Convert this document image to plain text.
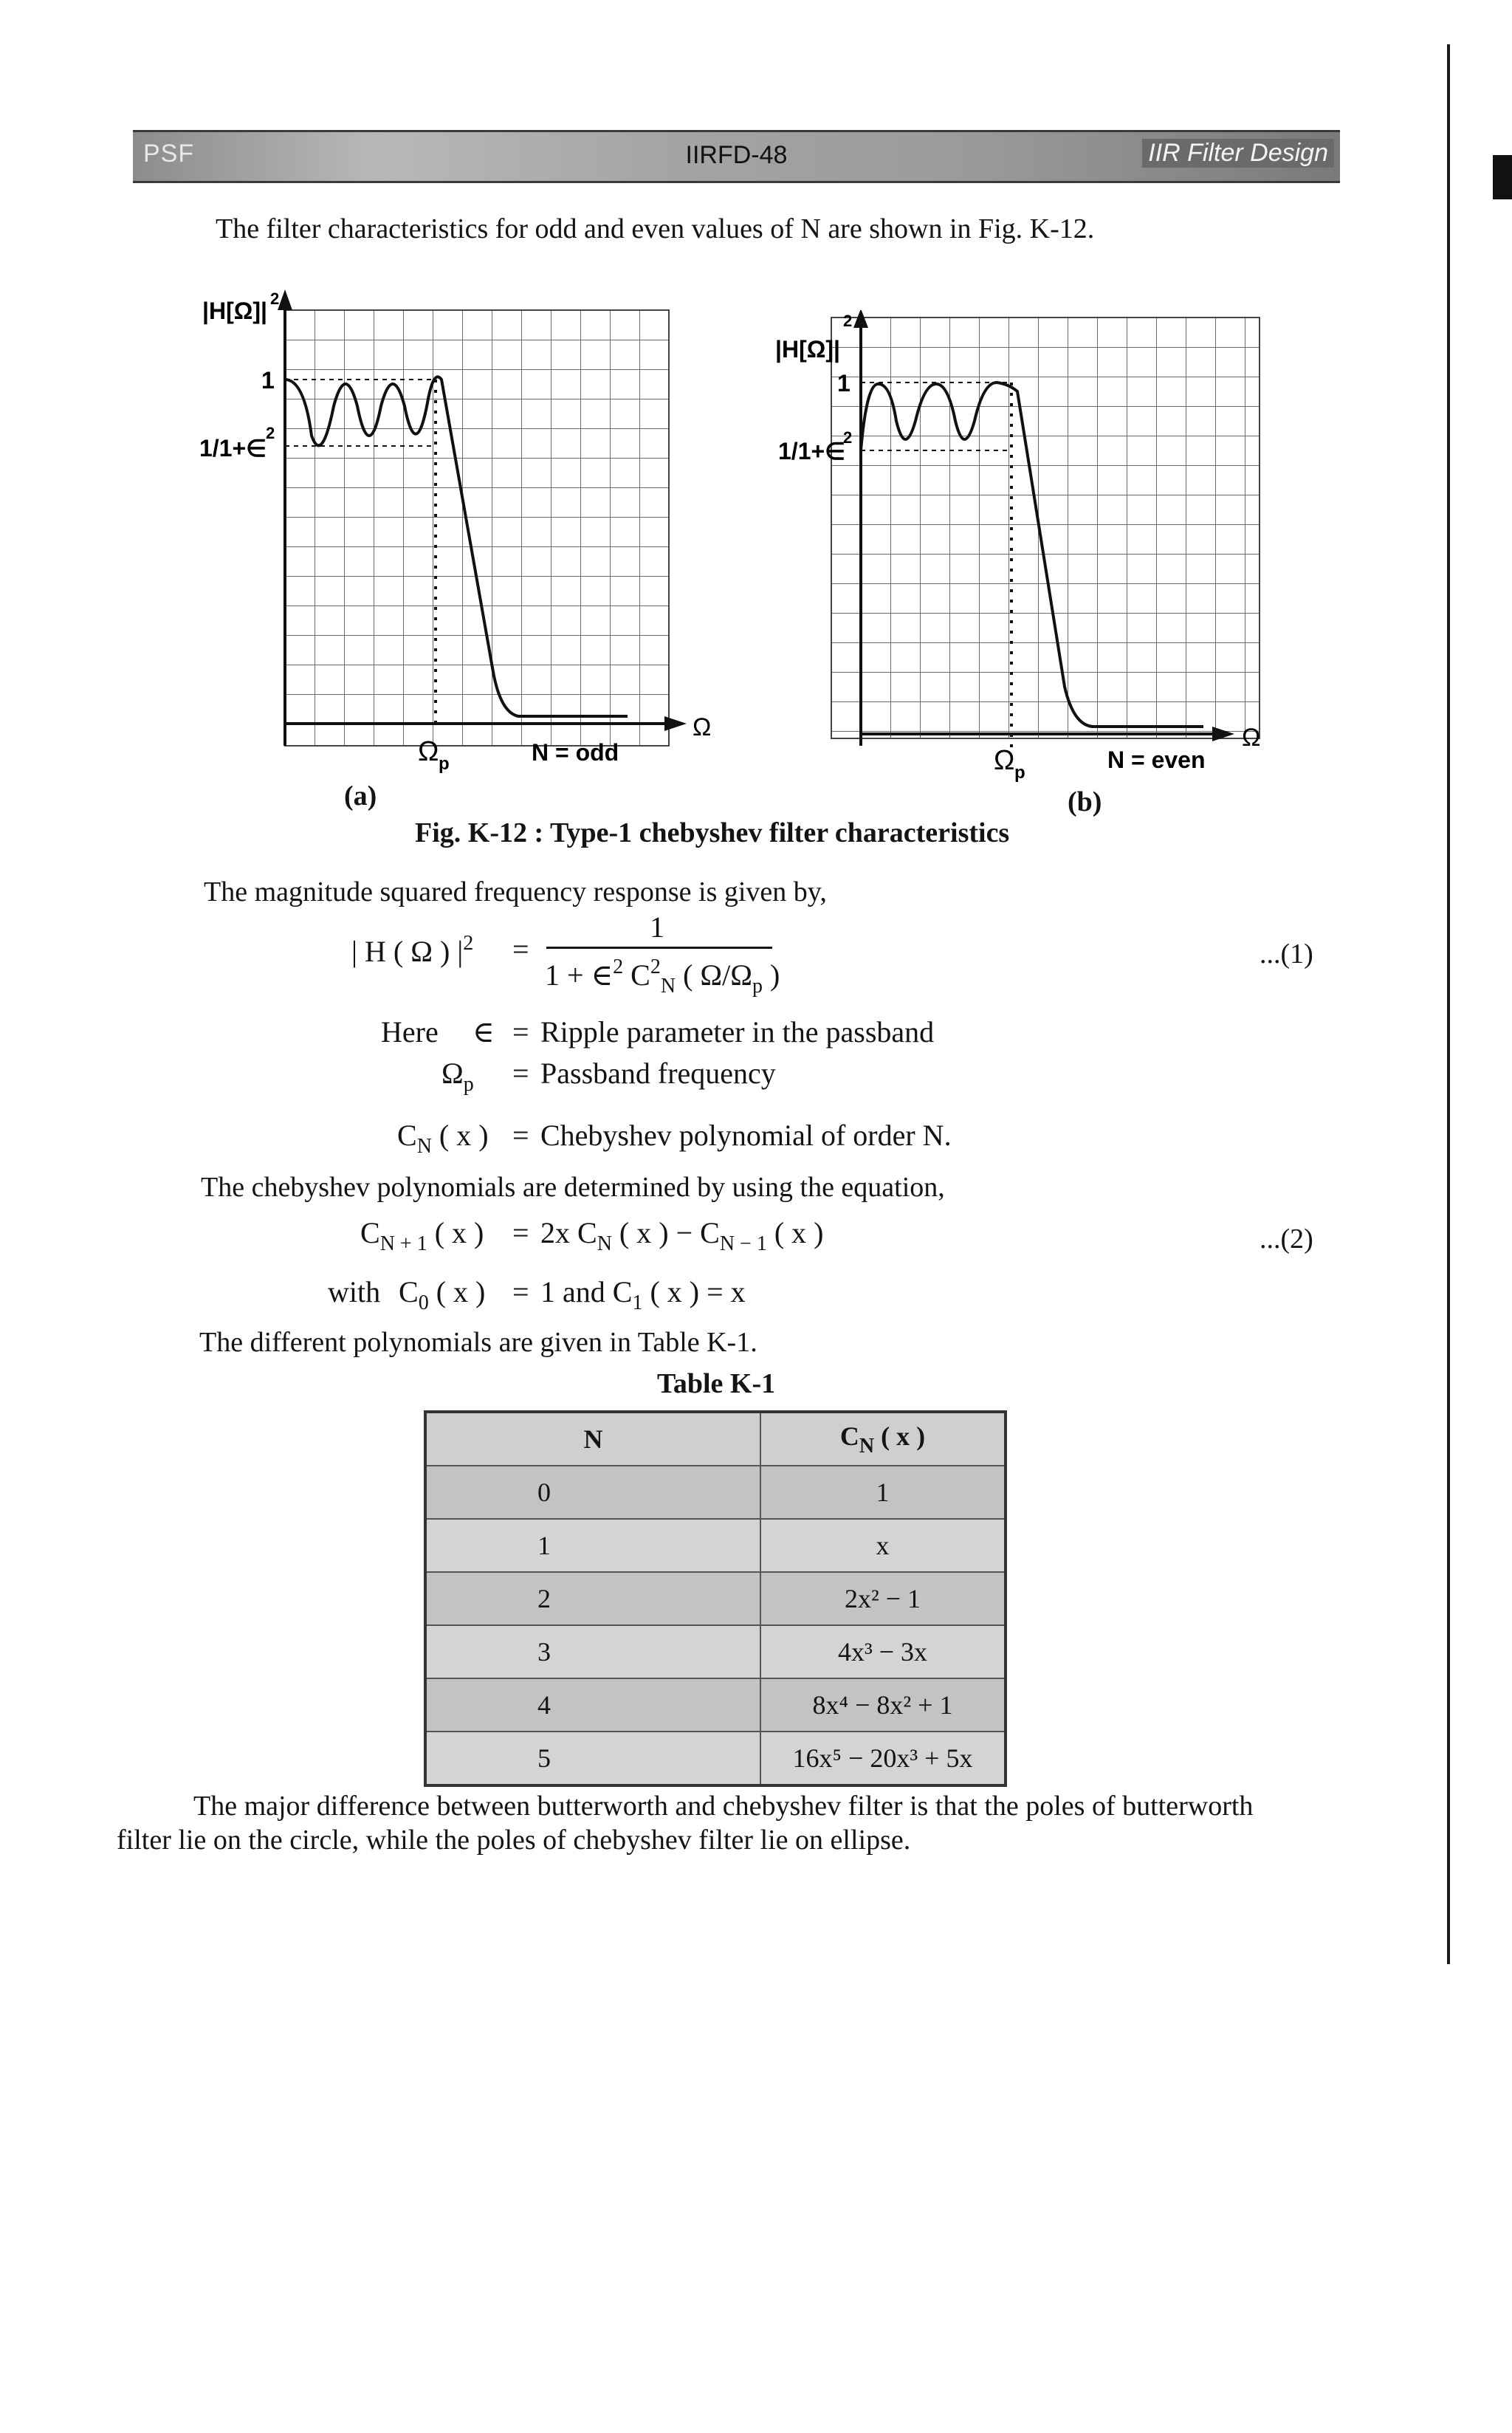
PSF	IIRFD-48	IIR Filter Design
The filter characteristics for odd and even values of N are shown in Fig. K-12.
|H[Ω]| 2
1
1/1+∈
2
Ω p	N = odd
Ω
(a)
|H[Ω]|
2
1
1/1+∈
2
Ω p	N = even
Ω
(b)
Fig. K-12 : Type-1 chebyshev filter characteristics
The magnitude squared frequency response is given by,
| H ( Ω ) $|^2$ =
1
1 + ∈$^2$ $C^2_N$ ( $\Omega/\Omega_p$ )
...(1)
Here ∈ = Ripple parameter in the passband
$\Omega_p$ = Passband frequency
$C_N$ ( x ) = Chebyshev polynomial of order N.
The chebyshev polynomials are determined by using the equation,
$C_{N + 1}$ ( x ) = 2x $C_N$ ( x ) − $C_{N - 1}$ ( x )	...(2)
with $C_0$ ( x ) = 1 and $C_1$ ( x ) = x
The different polynomials are given in Table K-1.
Table K-1
N	$C_N$ ( x )
0	1
1	x
2	2x² − 1
3	4x³ − 3x
4	8x⁴ − 8x² + 1
5	16x⁵ − 20x³ + 5x
The major difference between butterworth and chebyshev filter is that the poles of butterworth
filter lie on the circle, while the poles of chebyshev filter lie on ellipse.
